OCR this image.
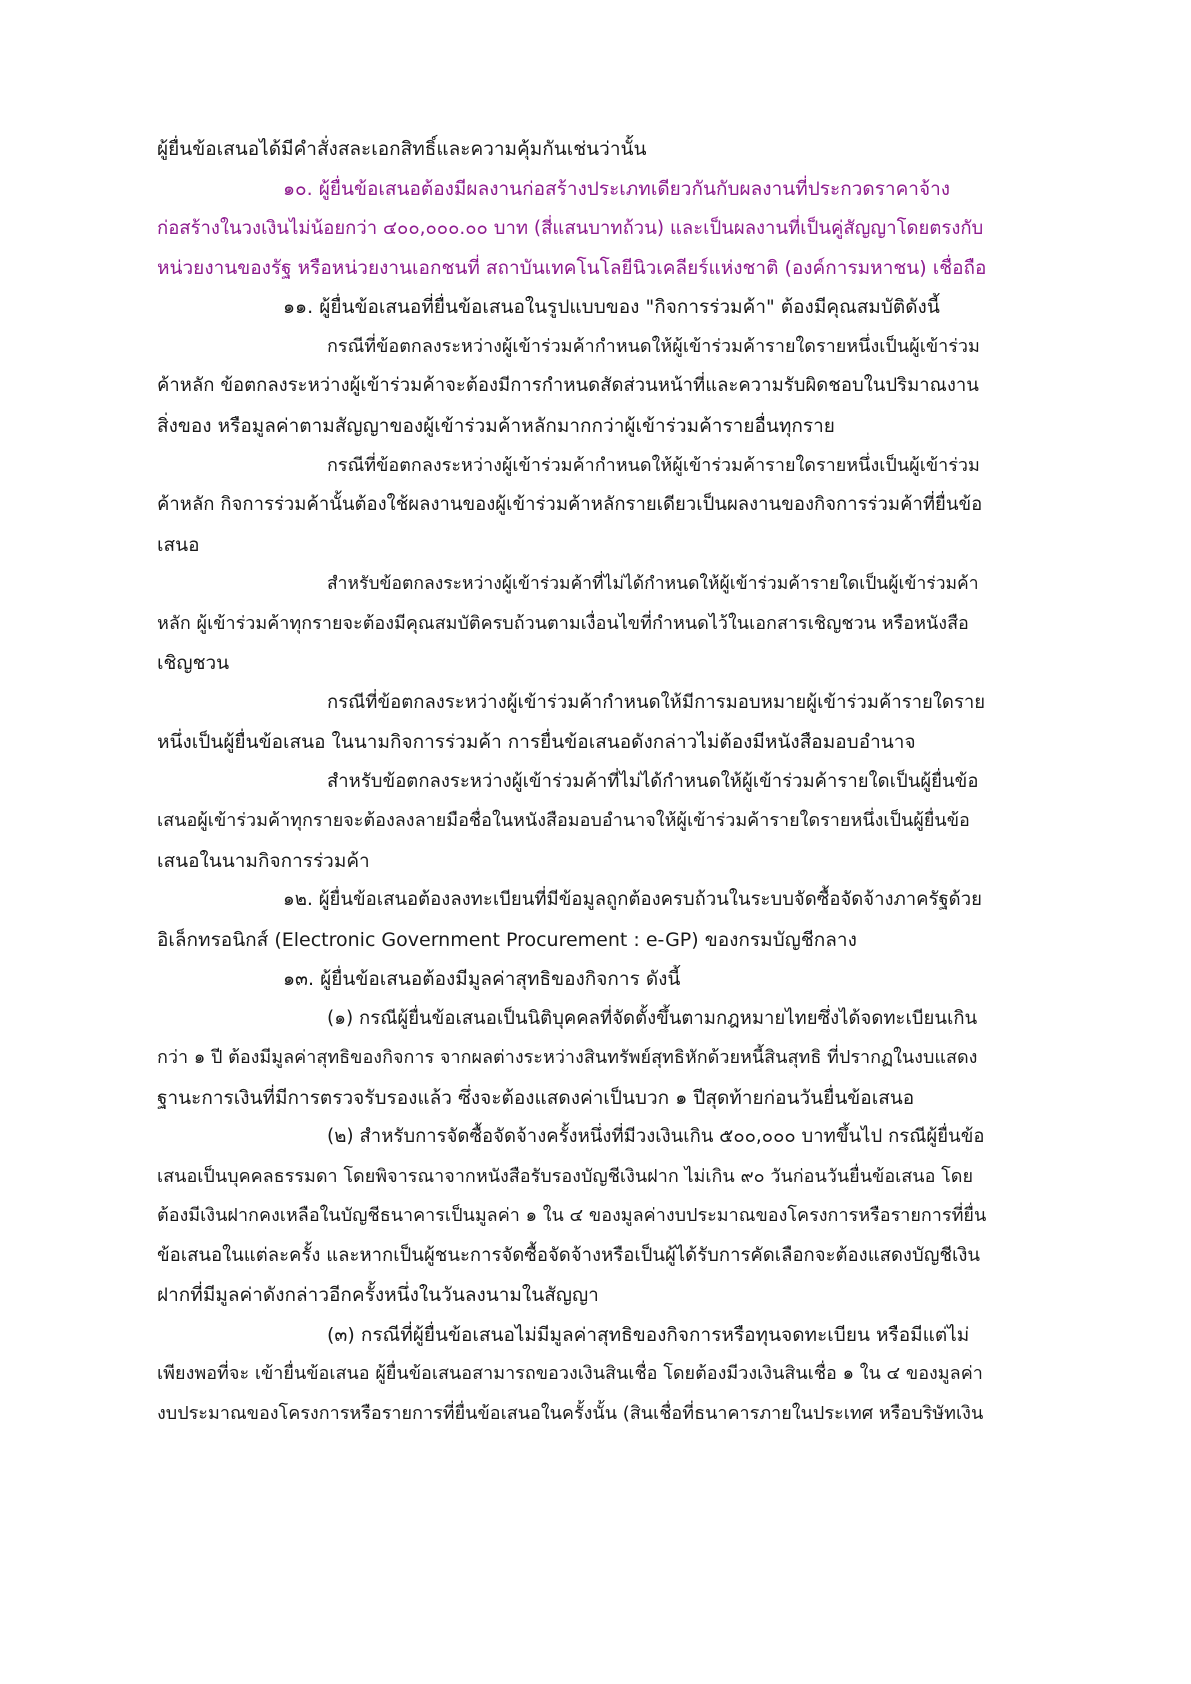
ผู้ยื่นข้อเสนอได้มีคำสั่งสละเอกสิทธิ์และความคุ้มกันเช่นว่านั้น
๑๐. ผู้ยื่นข้อเสนอต้องมีผลงานก่อสร้างประเภทเดียวกันกับผลงานที่ประกวดราคาจ้าง
ก่อสร้างในวงเงินไม่น้อยกว่า ๔๐๐,๐๐๐.๐๐ บาท (สี่แสนบาทถ้วน) และเป็นผลงานที่เป็นคู่สัญญาโดยตรงกับ
หน่วยงานของรัฐ หรือหน่วยงานเอกชนที่ สถาบันเทคโนโลยีนิวเคลียร์แห่งชาติ (องค์การมหาชน) เชื่อถือ
๑๑. ผู้ยื่นข้อเสนอที่ยื่นข้อเสนอในรูปแบบของ "กิจการร่วมค้า" ต้องมีคุณสมบัติดังนี้
กรณีที่ข้อตกลงระหว่างผู้เข้าร่วมค้ากำหนดให้ผู้เข้าร่วมค้ารายใดรายหนึ่งเป็นผู้เข้าร่วม
ค้าหลัก ข้อตกลงระหว่างผู้เข้าร่วมค้าจะต้องมีการกำหนดสัดส่วนหน้าที่และความรับผิดชอบในปริมาณงาน
สิ่งของ หรือมูลค่าตามสัญญาของผู้เข้าร่วมค้าหลักมากกว่าผู้เข้าร่วมค้ารายอื่นทุกราย
กรณีที่ข้อตกลงระหว่างผู้เข้าร่วมค้ากำหนดให้ผู้เข้าร่วมค้ารายใดรายหนึ่งเป็นผู้เข้าร่วม
ค้าหลัก กิจการร่วมค้านั้นต้องใช้ผลงานของผู้เข้าร่วมค้าหลักรายเดียวเป็นผลงานของกิจการร่วมค้าที่ยื่นข้อ
เสนอ
สำหรับข้อตกลงระหว่างผู้เข้าร่วมค้าที่ไม่ได้กำหนดให้ผู้เข้าร่วมค้ารายใดเป็นผู้เข้าร่วมค้า
หลัก ผู้เข้าร่วมค้าทุกรายจะต้องมีคุณสมบัติครบถ้วนตามเงื่อนไขที่กำหนดไว้ในเอกสารเชิญชวน หรือหนังสือ
เชิญชวน
กรณีที่ข้อตกลงระหว่างผู้เข้าร่วมค้ากำหนดให้มีการมอบหมายผู้เข้าร่วมค้ารายใดราย
หนึ่งเป็นผู้ยื่นข้อเสนอ ในนามกิจการร่วมค้า การยื่นข้อเสนอดังกล่าวไม่ต้องมีหนังสือมอบอำนาจ
สำหรับข้อตกลงระหว่างผู้เข้าร่วมค้าที่ไม่ได้กำหนดให้ผู้เข้าร่วมค้ารายใดเป็นผู้ยื่นข้อ
เสนอผู้เข้าร่วมค้าทุกรายจะต้องลงลายมือชื่อในหนังสือมอบอำนาจให้ผู้เข้าร่วมค้ารายใดรายหนึ่งเป็นผู้ยื่นข้อ
เสนอในนามกิจการร่วมค้า
๑๒. ผู้ยื่นข้อเสนอต้องลงทะเบียนที่มีข้อมูลถูกต้องครบถ้วนในระบบจัดซื้อจัดจ้างภาครัฐด้วย
อิเล็กทรอนิกส์ (Electronic Government Procurement : e-GP) ของกรมบัญชีกลาง
๑๓. ผู้ยื่นข้อเสนอต้องมีมูลค่าสุทธิของกิจการ ดังนี้
(๑) กรณีผู้ยื่นข้อเสนอเป็นนิติบุคคลที่จัดตั้งขึ้นตามกฎหมายไทยซึ่งได้จดทะเบียนเกิน
กว่า ๑ ปี ต้องมีมูลค่าสุทธิของกิจการ จากผลต่างระหว่างสินทรัพย์สุทธิหักด้วยหนี้สินสุทธิ ที่ปรากฏในงบแสดง
ฐานะการเงินที่มีการตรวจรับรองแล้ว ซึ่งจะต้องแสดงค่าเป็นบวก ๑ ปีสุดท้ายก่อนวันยื่นข้อเสนอ
(๒) สำหรับการจัดซื้อจัดจ้างครั้งหนึ่งที่มีวงเงินเกิน ๕๐๐,๐๐๐ บาทขึ้นไป กรณีผู้ยื่นข้อ
เสนอเป็นบุคคลธรรมดา โดยพิจารณาจากหนังสือรับรองบัญชีเงินฝาก ไม่เกิน ๙๐ วันก่อนวันยื่นข้อเสนอ โดย
ต้องมีเงินฝากคงเหลือในบัญชีธนาคารเป็นมูลค่า ๑ ใน ๔ ของมูลค่างบประมาณของโครงการหรือรายการที่ยื่น
ข้อเสนอในแต่ละครั้ง และหากเป็นผู้ชนะการจัดซื้อจัดจ้างหรือเป็นผู้ได้รับการคัดเลือกจะต้องแสดงบัญชีเงิน
ฝากที่มีมูลค่าดังกล่าวอีกครั้งหนึ่งในวันลงนามในสัญญา
(๓) กรณีที่ผู้ยื่นข้อเสนอไม่มีมูลค่าสุทธิของกิจการหรือทุนจดทะเบียน หรือมีแต่ไม่
เพียงพอที่จะ เข้ายื่นข้อเสนอ ผู้ยื่นข้อเสนอสามารถขอวงเงินสินเชื่อ โดยต้องมีวงเงินสินเชื่อ ๑ ใน ๔ ของมูลค่า
งบประมาณของโครงการหรือรายการที่ยื่นข้อเสนอในครั้งนั้น (สินเชื่อที่ธนาคารภายในประเทศ หรือบริษัทเงิน
